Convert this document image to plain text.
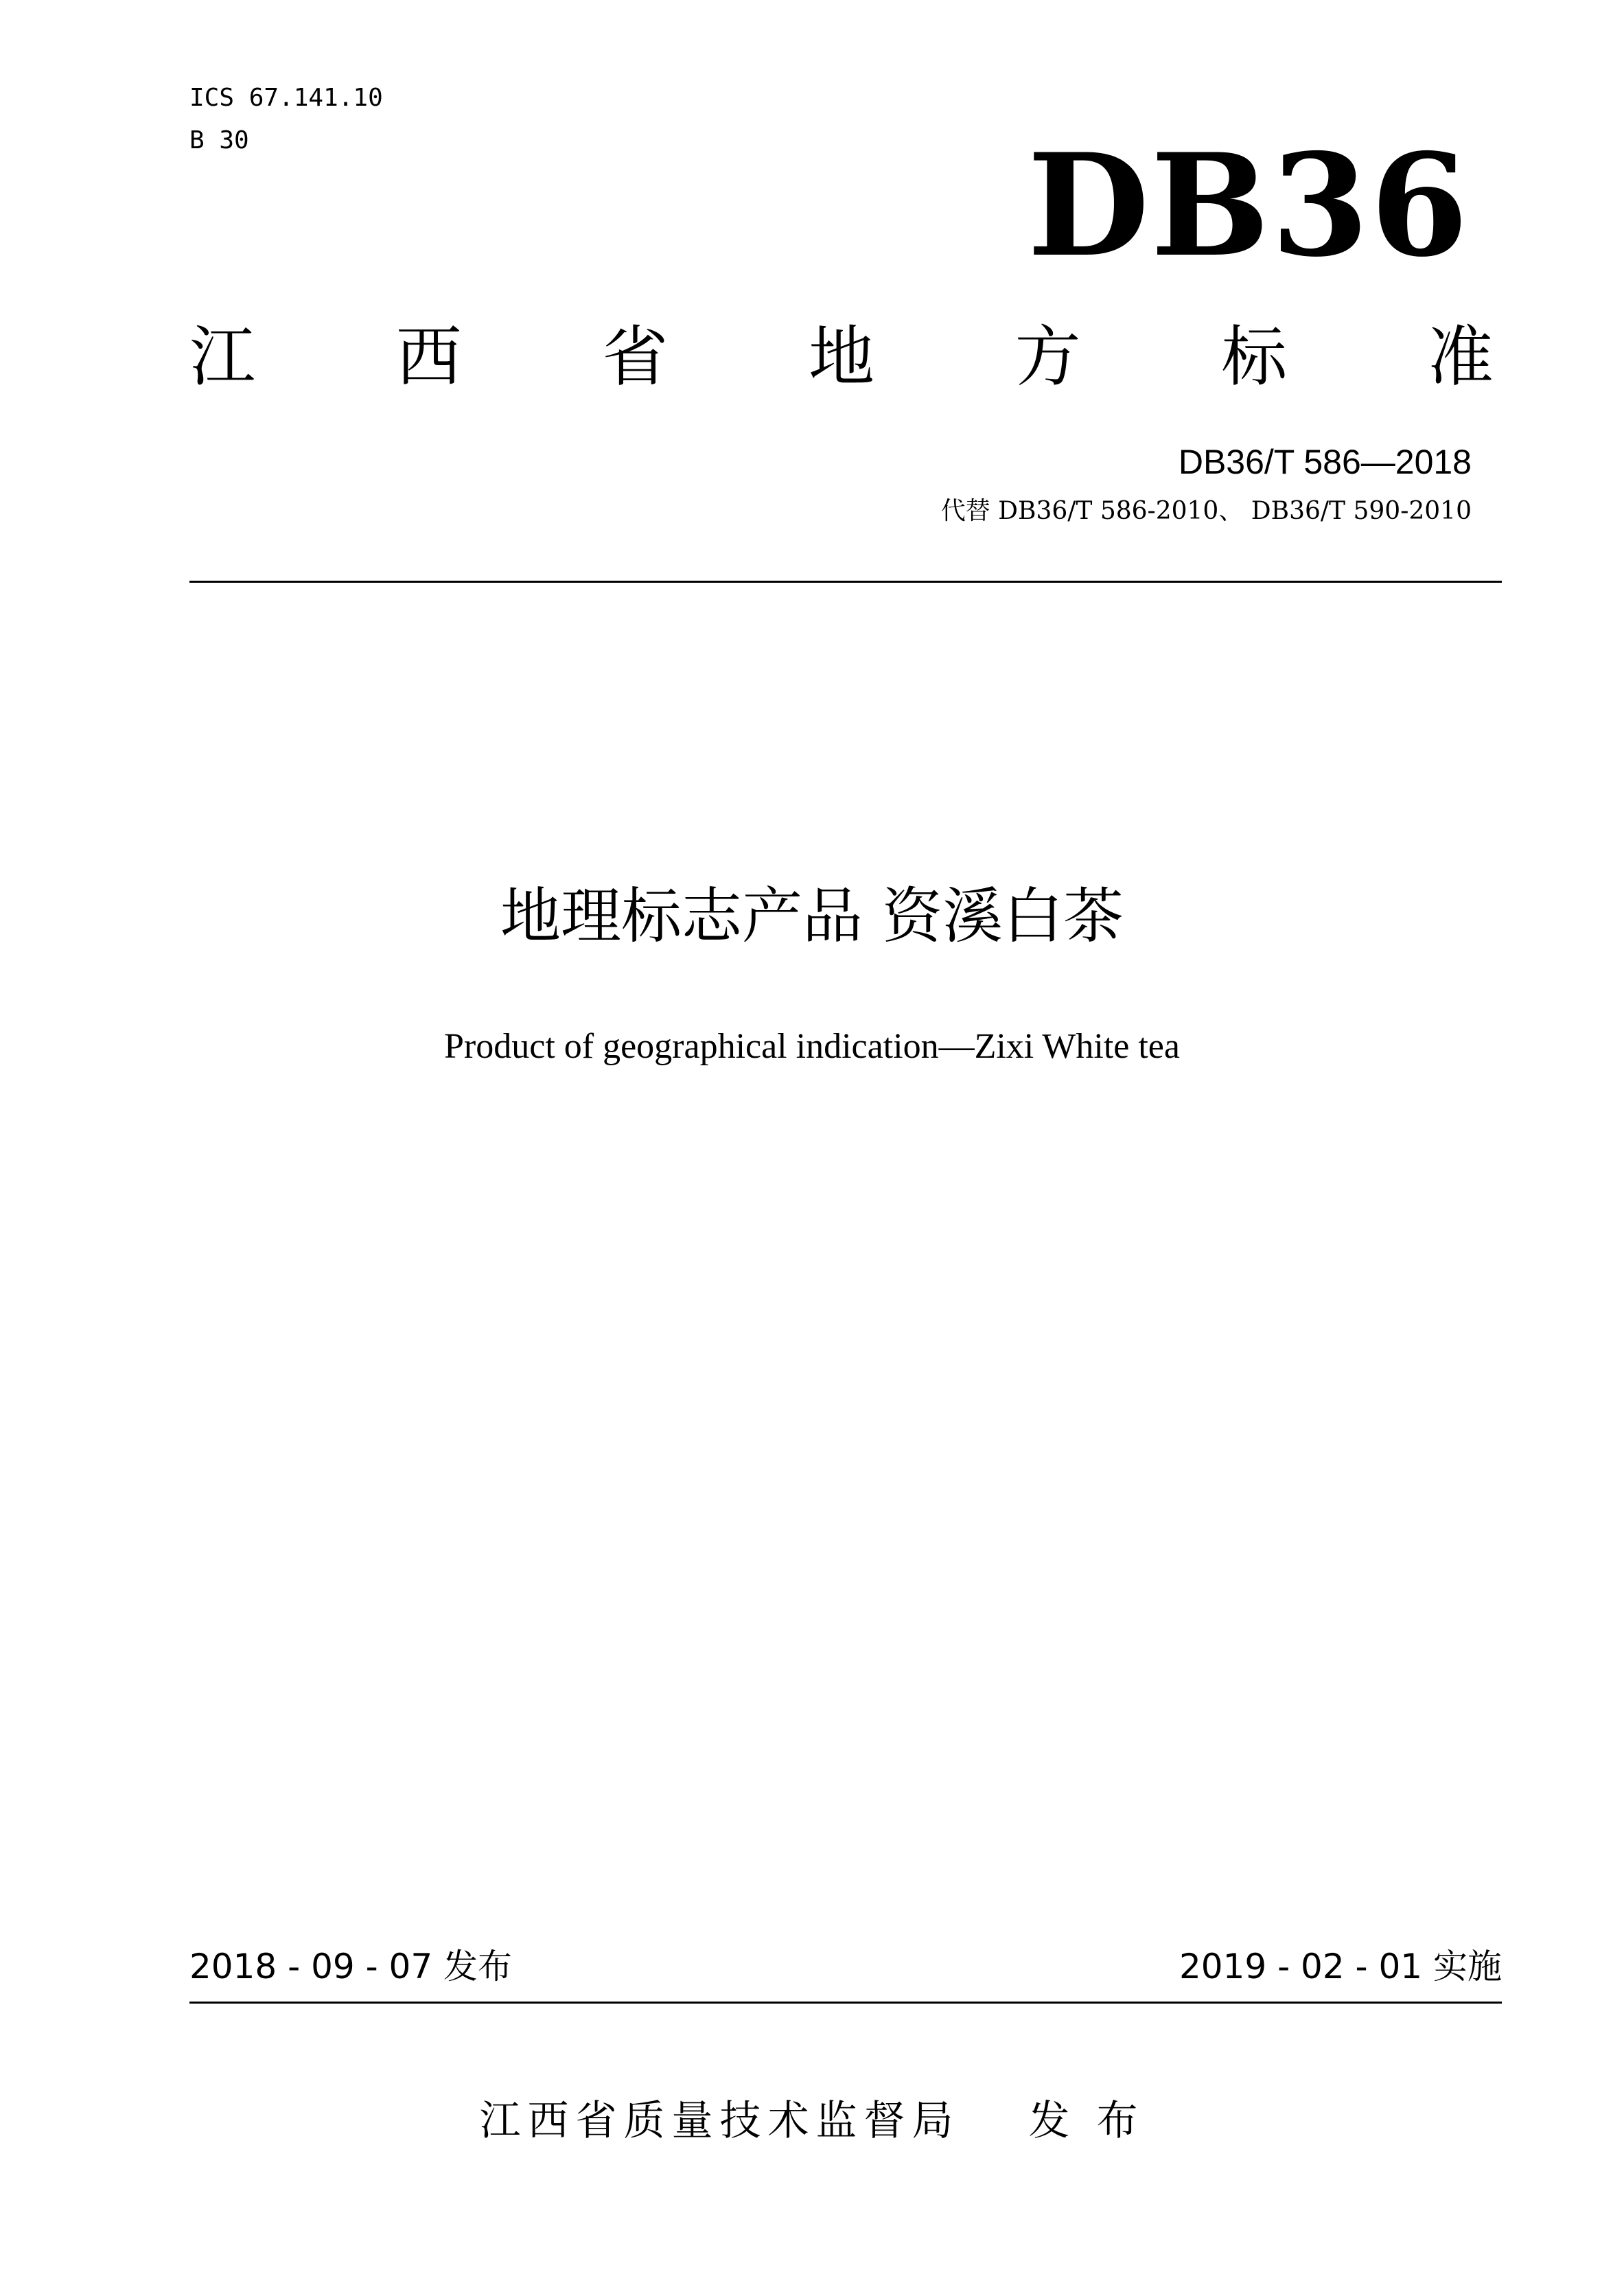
ICS 67.141.10
B 30	DB36
江 西 省 地 方 标 准
DB36/T 586—2018
代替 DB36/T 586-2010、 DB36/T 590-2010
地理标志产品 资溪白茶
Product of geographical indication—Zixi White tea
2018 - 09 - 07 发布	2019 - 02 - 01 实施
江西省质量技术监督局 发 布
